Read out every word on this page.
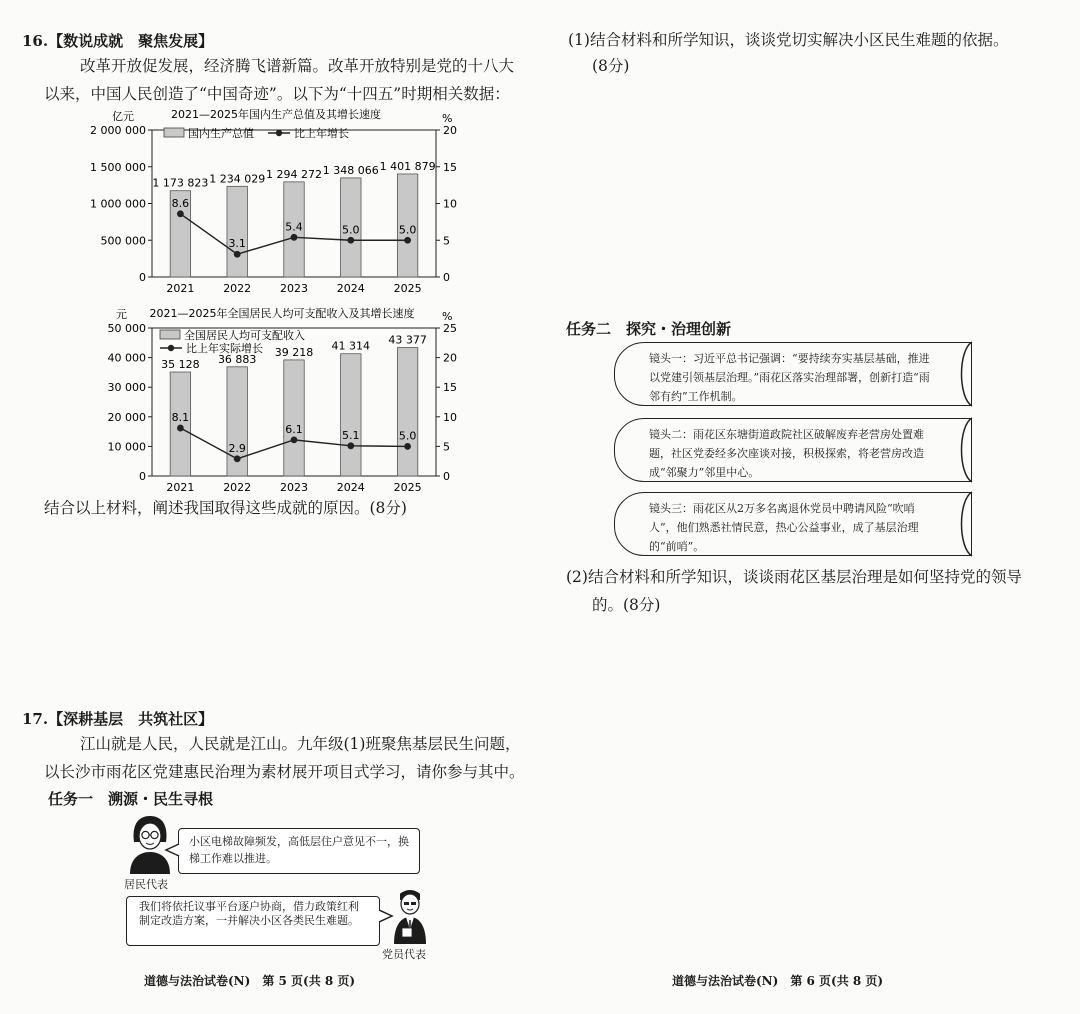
16.【数说成就　聚焦发展】
改革开放促发展，经济腾飞谱新篇。改革开放特别是党的十八大
以来，中国人民创造了“中国奇迹”。以下为“十四五”时期相关数据：
亿元	2021—2025年国内生产总值及其增长速度	%
2 000 000
1 500 000
1 000 000
500 000
0
20
15
10
5
0
1 173 823
2021
1 234 029
2022
1 294 272
2023
1 348 066
2024
1 401 879
2025
8.6
3.1
5.4	5.0	5.0
国内生产总值	比上年增长
元 2021—2025年全国居民人均可支配收入及其增长速度	%
50 000
40 000
30 000
20 000
10 000
0
25
20
15
10
5
0
35 128
2021
36 883
2022
39 218
2023
41 314
2024
43 377
2025
8.1
2.9
6.1	5.1	5.0
全国居民人均可支配收入
比上年实际增长
结合以上材料，阐述我国取得这些成就的原因。(8分)
17.【深耕基层　共筑社区】
江山就是人民，人民就是江山。九年级(1)班聚焦基层民生问题，
以长沙市雨花区党建惠民治理为素材展开项目式学习，请你参与其中。
任务一　溯源・民生寻根
居民代表
小区电梯故障频发，高低层住户意见不一，换梯工作难以推进。
我们将依托议事平台逐户协商，借力政策红利制定改造方案，一并解决小区各类民生难题。
党员代表
道德与法治试卷(N)　第 5 页(共 8 页)
(1)结合材料和所学知识，谈谈党切实解决小区民生难题的依据。
(8分)
任务二　探究・治理创新
镜头一：习近平总书记强调：“要持续夯实基层基础，推进以党建引领基层治理。”雨花区落实治理部署，创新打造“雨邻有约”工作机制。
镜头二：雨花区东塘街道政院社区破解废弃老营房处置难题，社区党委经多次座谈对接，积极探索，将老营房改造成“邻聚力”邻里中心。
镜头三：雨花区从2万多名离退休党员中聘请风险“吹哨人”，他们熟悉社情民意，热心公益事业，成了基层治理的“前哨”。
(2)结合材料和所学知识，谈谈雨花区基层治理是如何坚持党的领导
的。(8分)
道德与法治试卷(N)　第 6 页(共 8 页)
